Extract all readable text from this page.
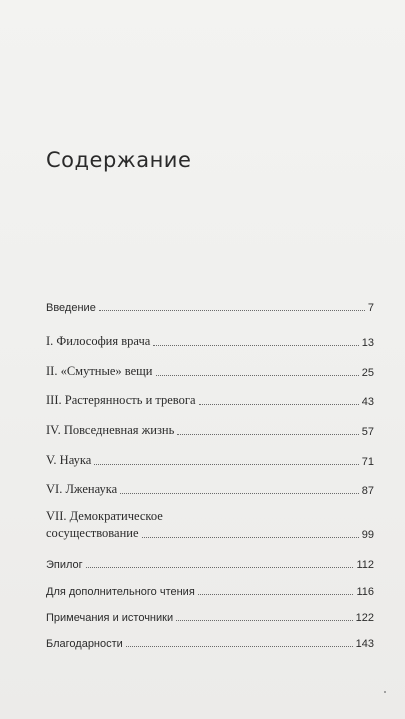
Содержание
Введение	7
I. Философия врача	13
II. «Смутные» вещи	25
III. Растерянность и тревога	43
IV. Повседневная жизнь	57
V. Наука	71
VI. Лженаука	87
VII. Демократическое
сосуществование	99
Эпилог	112
Для дополнительного чтения	116
Примечания и источники	122
Благодарности	143
